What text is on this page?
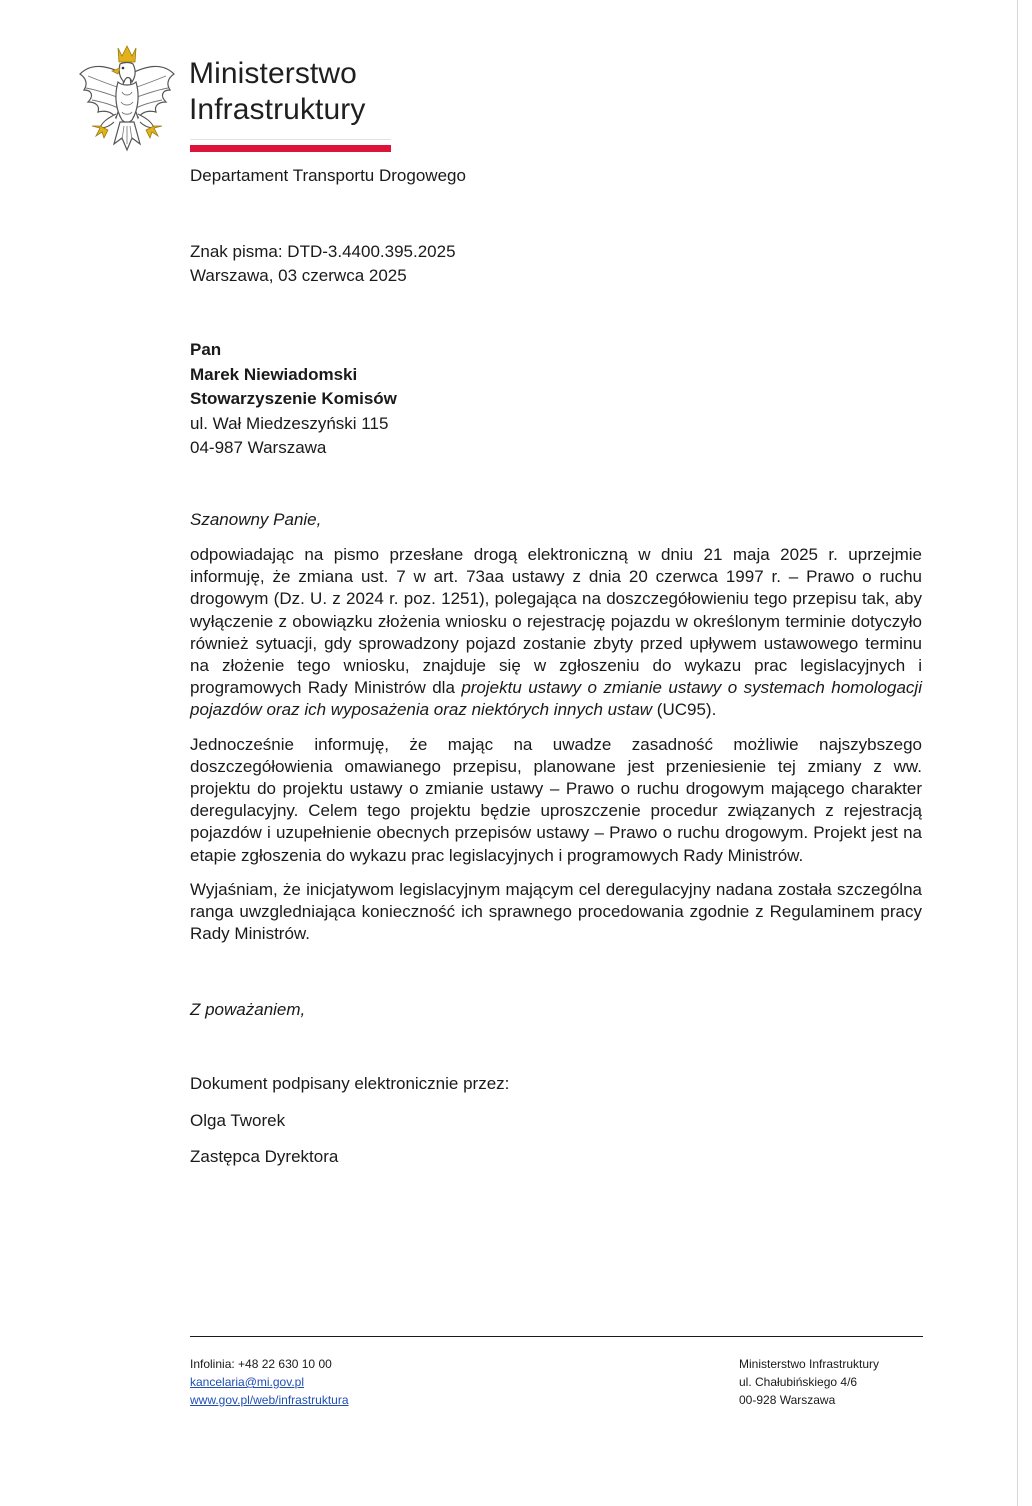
Ministerstwo
Infrastruktury
Departament Transportu Drogowego
Znak pisma: DTD-3.4400.395.2025
Warszawa, 03 czerwca 2025
Pan
Marek Niewiadomski
Stowarzyszenie Komisów
ul. Wał Miedzeszyński 115
04-987 Warszawa
Szanowny Panie,

odpowiadając na pismo przesłane drogą elektroniczną w dniu 21 maja 2025 r. uprzejmie informuję, że zmiana ust. 7 w art. 73aa ustawy z dnia 20 czerwca 1997 r. – Prawo o ruchu drogowym (Dz. U. z 2024 r. poz. 1251), polegająca na doszczegółowieniu tego przepisu tak, aby wyłączenie z obowiązku złożenia wniosku o rejestrację pojazdu w określonym terminie dotyczyło również sytuacji, gdy sprowadzony pojazd zostanie zbyty przed upływem ustawowego terminu na złożenie tego wniosku, znajduje się w zgłoszeniu do wykazu prac legislacyjnych i programowych Rady Ministrów dla projektu ustawy o zmianie ustawy o systemach homologacji pojazdów oraz ich wyposażenia oraz niektórych innych ustaw (UC95).

Jednocześnie informuję, że mając na uwadze zasadność możliwie najszybszego doszczegółowienia omawianego przepisu, planowane jest przeniesienie tej zmiany z ww. projektu do projektu ustawy o zmianie ustawy – Prawo o ruchu drogowym mającego charakter deregulacyjny. Celem tego projektu będzie uproszczenie procedur związanych z rejestracją pojazdów i uzupełnienie obecnych przepisów ustawy – Prawo o ruchu drogowym. Projekt jest na etapie zgłoszenia do wykazu prac legislacyjnych i programowych Rady Ministrów.

Wyjaśniam, że inicjatywom legislacyjnym mającym cel deregulacyjny nadana została szczególna ranga uwzgledniająca konieczność ich sprawnego procedowania zgodnie z Regulaminem pracy Rady Ministrów.

Z poważaniem,
Dokument podpisany elektronicznie przez:
Olga Tworek
Zastępca Dyrektora
Infolinia: +48 22 630 10 00
kancelaria@mi.gov.pl
www.gov.pl/web/infrastruktura
Ministerstwo Infrastruktury
ul. Chałubińskiego 4/6
00-928 Warszawa
